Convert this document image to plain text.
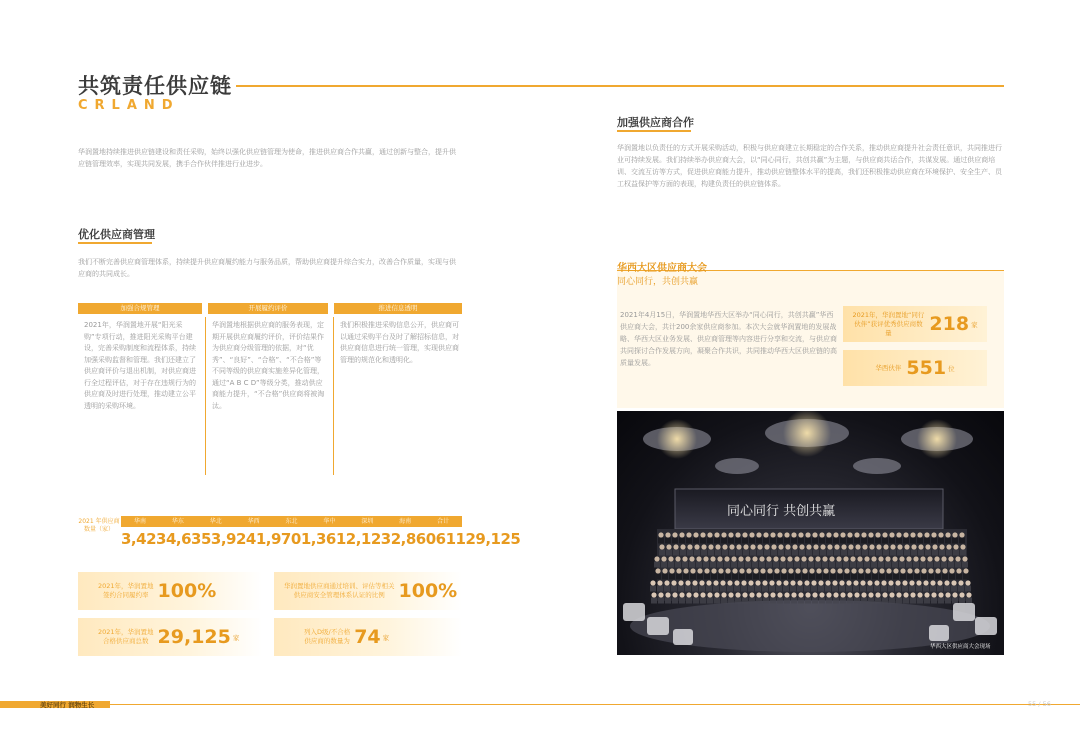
共筑责任供应链
CRLAND
华润置地持续推进供应链建设和责任采购，始终以强化供应链管理为使命，推进供应商合作共赢，通过创新与整合，提升供应链管理效率，实现共同发展，携手合作伙伴推进行业进步。
优化供应商管理
我们不断完善供应商管理体系，持续提升供应商履约能力与服务品质，帮助供应商提升综合实力，改善合作质量，实现与供应商的共同成长。
加强合规管理	开展履约评价	推进信息透明
2021年，华润置地开展“阳光采购”专项行动，推进阳光采购平台建设，完善采购制度和流程体系，持续加强采购监督和管理。我们还建立了供应商评价与退出机制，对供应商进行全过程评估，对于存在违规行为的供应商及时进行处理，推动建立公平透明的采购环境。
华润置地根据供应商的服务表现，定期开展供应商履约评价，评价结果作为供应商分级管理的依据，对“优秀”、“良好”、“合格”、“不合格”等不同等级的供应商实施差异化管理，通过“A B C D”等级分类，推动供应商能力提升，“不合格”供应商将被淘汰。
我们积极推进采购信息公开，供应商可以通过采购平台及时了解招标信息，对供应商信息进行统一管理，实现供应商管理的规范化和透明化。
2021 年供应商数量（家）
华南	华东	华北	华西	东北	华中	深圳	海南	合计
3,423 4,635 3,924 1,970 1,361 2,123 2,860 611 29,125
2021年，华润置地
签约合同履约率 100%	华润置地供应商通过培训、评估等相关
供应商安全管理体系认证的比例 100%
2021年，华润置地
合格供应商总数 29,125 家
列入D级/不合格
供应商的数量为 74 家
加强供应商合作
华润置地以负责任的方式开展采购活动，积极与供应商建立长期稳定的合作关系，推动供应商提升社会责任意识，共同推进行业可持续发展。我们持续举办供应商大会，以“同心同行，共创共赢”为主题，与供应商共话合作，共谋发展。通过供应商培训、交流互访等方式，促进供应商能力提升，推动供应链整体水平的提高，我们还积极推动供应商在环境保护、安全生产、员工权益保护等方面的表现，构建负责任的供应链体系。
华西大区供应商大会
同心同行，共创共赢
2021年4月15日，华润置地华西大区举办“同心同行，共创共赢”华西供应商大会，共计200余家供应商参加。本次大会就华润置地的发展战略、华西大区业务发展、供应商管理等内容进行分享和交流，与供应商共同探讨合作发展方向，凝聚合作共识，共同推动华西大区供应链的高质量发展。
2021年，华润置地“同行伙伴”获评优秀供应商数量	218 家
华西伙伴 551 位
同心同行 共创共赢
华西大区供应商大会现场
美好同行 润物生长	55 / 56
